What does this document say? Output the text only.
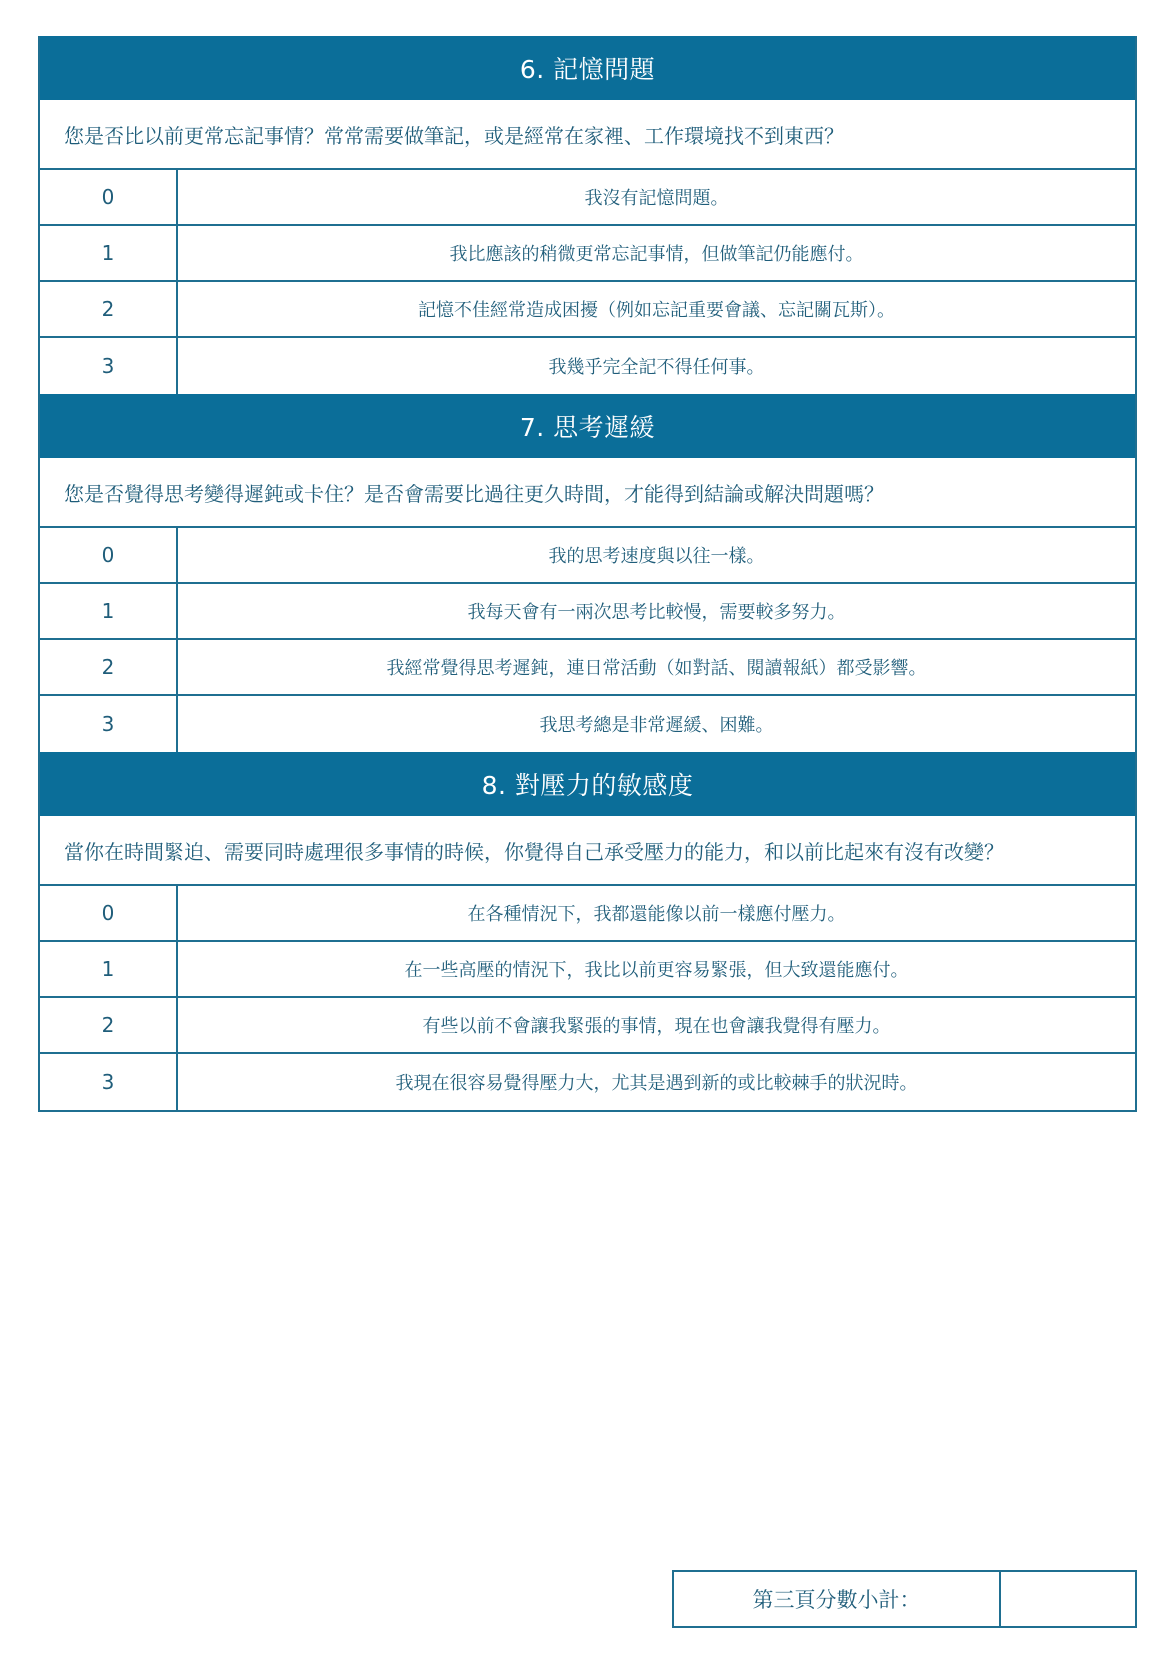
6. 記憶問題
您是否比以前更常忘記事情？常常需要做筆記，或是經常在家裡、工作環境找不到東西？
0	我沒有記憶問題。
1	我比應該的稍微更常忘記事情，但做筆記仍能應付。
2	記憶不佳經常造成困擾（例如忘記重要會議、忘記關瓦斯）。
3	我幾乎完全記不得任何事。
7. 思考遲緩
您是否覺得思考變得遲鈍或卡住？是否會需要比過往更久時間，才能得到結論或解決問題嗎？
0	我的思考速度與以往一樣。
1	我每天會有一兩次思考比較慢，需要較多努力。
2	我經常覺得思考遲鈍，連日常活動（如對話、閱讀報紙）都受影響。
3	我思考總是非常遲緩、困難。
8. 對壓力的敏感度
當你在時間緊迫、需要同時處理很多事情的時候，你覺得自己承受壓力的能力，和以前比起來有沒有改變？
0	在各種情況下，我都還能像以前一樣應付壓力。
1	在一些高壓的情況下，我比以前更容易緊張，但大致還能應付。
2	有些以前不會讓我緊張的事情，現在也會讓我覺得有壓力。
3	我現在很容易覺得壓力大，尤其是遇到新的或比較棘手的狀況時。
第三頁分數小計：
